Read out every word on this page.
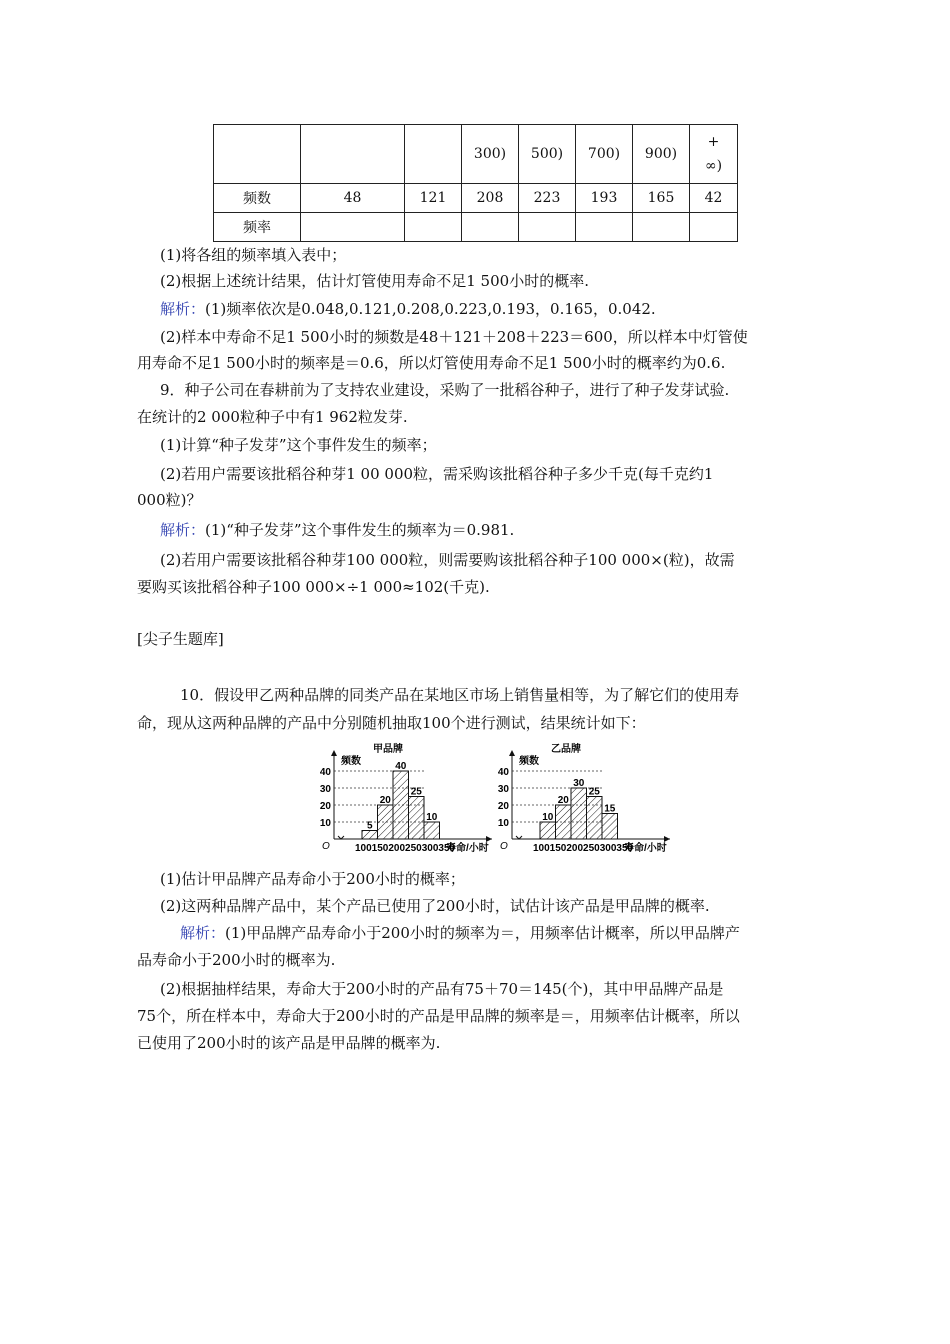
			300)	500)	700)	900)	+
∞)
频数	48	121	208	223	193	165	42
频率							
(1)将各组的频率填入表中；
(2)根据上述统计结果，估计灯管使用寿命不足1 500小时的概率.
解析：(1)频率依次是0.048,0.121,0.208,0.223,0.193，0.165，0.042.
(2)样本中寿命不足1 500小时的频数是48＋121＋208＋223＝600，所以样本中灯管使
用寿命不足1 500小时的频率是＝0.6，所以灯管使用寿命不足1 500小时的概率约为0.6.
9．种子公司在春耕前为了支持农业建设，采购了一批稻谷种子，进行了种子发芽试验.
在统计的2 000粒种子中有1 962粒发芽.
(1)计算“种子发芽”这个事件发生的频率；
(2)若用户需要该批稻谷种芽1 00 000粒，需采购该批稻谷种子多少千克(每千克约1
000粒)？
解析：(1)“种子发芽”这个事件发生的频率为＝0.981.
(2)若用户需要该批稻谷种芽100 000粒，则需要购该批稻谷种子100 000×(粒)，故需
要购买该批稻谷种子100 000×÷1 000≈102(千克).
[尖子生题库]
10．假设甲乙两种品牌的同类产品在某地区市场上销售量相等，为了解它们的使用寿
命，现从这两种品牌的产品中分别随机抽取100个进行测试，结果统计如下：
甲品牌
频数
O
10
20
30
40
5
20
40
25
10
100150200250300350
寿命/小时
乙品牌
频数
O
10
20
30
40
10
20
30
25
15
100150200250300350
寿命/小时
(1)估计甲品牌产品寿命小于200小时的概率；
(2)这两种品牌产品中，某个产品已使用了200小时，试估计该产品是甲品牌的概率.
解析：(1)甲品牌产品寿命小于200小时的频率为＝，用频率估计概率，所以甲品牌产
品寿命小于200小时的概率为.
(2)根据抽样结果，寿命大于200小时的产品有75＋70＝145(个)，其中甲品牌产品是
75个，所在样本中，寿命大于200小时的产品是甲品牌的频率是＝，用频率估计概率，所以
已使用了200小时的该产品是甲品牌的概率为.
